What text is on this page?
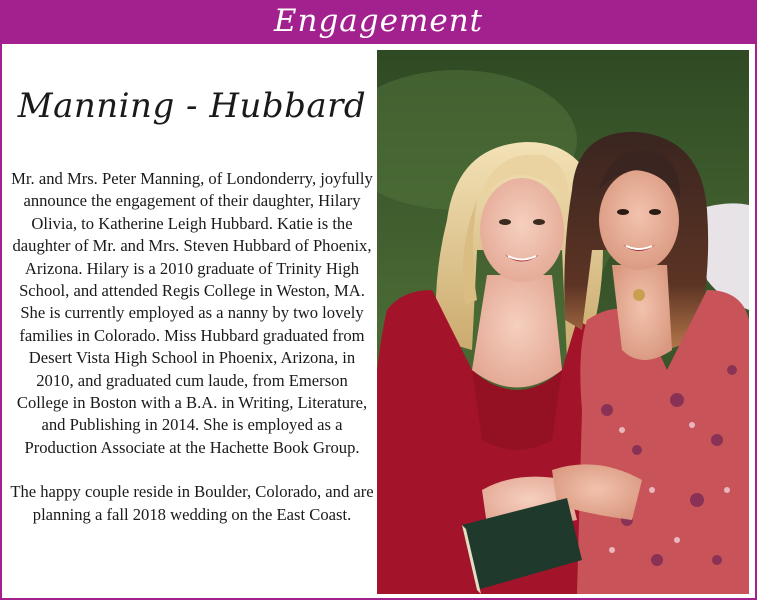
Engagement
Manning - Hubbard

Mr. and Mrs. Peter Manning, of Londonderry, joyfully announce the engagement of their daughter, Hilary Olivia, to Katherine Leigh Hubbard. Katie is the daughter of Mr. and Mrs. Steven Hubbard of Phoenix, Arizona. Hilary is a 2010 graduate of Trinity High School, and attended Regis College in Weston, MA. She is currently employed as a nanny by two lovely families in Colorado. Miss Hubbard graduated from Desert Vista High School in Phoenix, Arizona, in 2010, and graduated cum laude, from Emerson College in Boston with a B.A. in Writing, Literature, and Publishing in 2014. She is employed as a Production Associate at the Hachette Book Group.

The happy couple reside in Boulder, Colorado, and are planning a fall 2018 wedding on the East Coast.
